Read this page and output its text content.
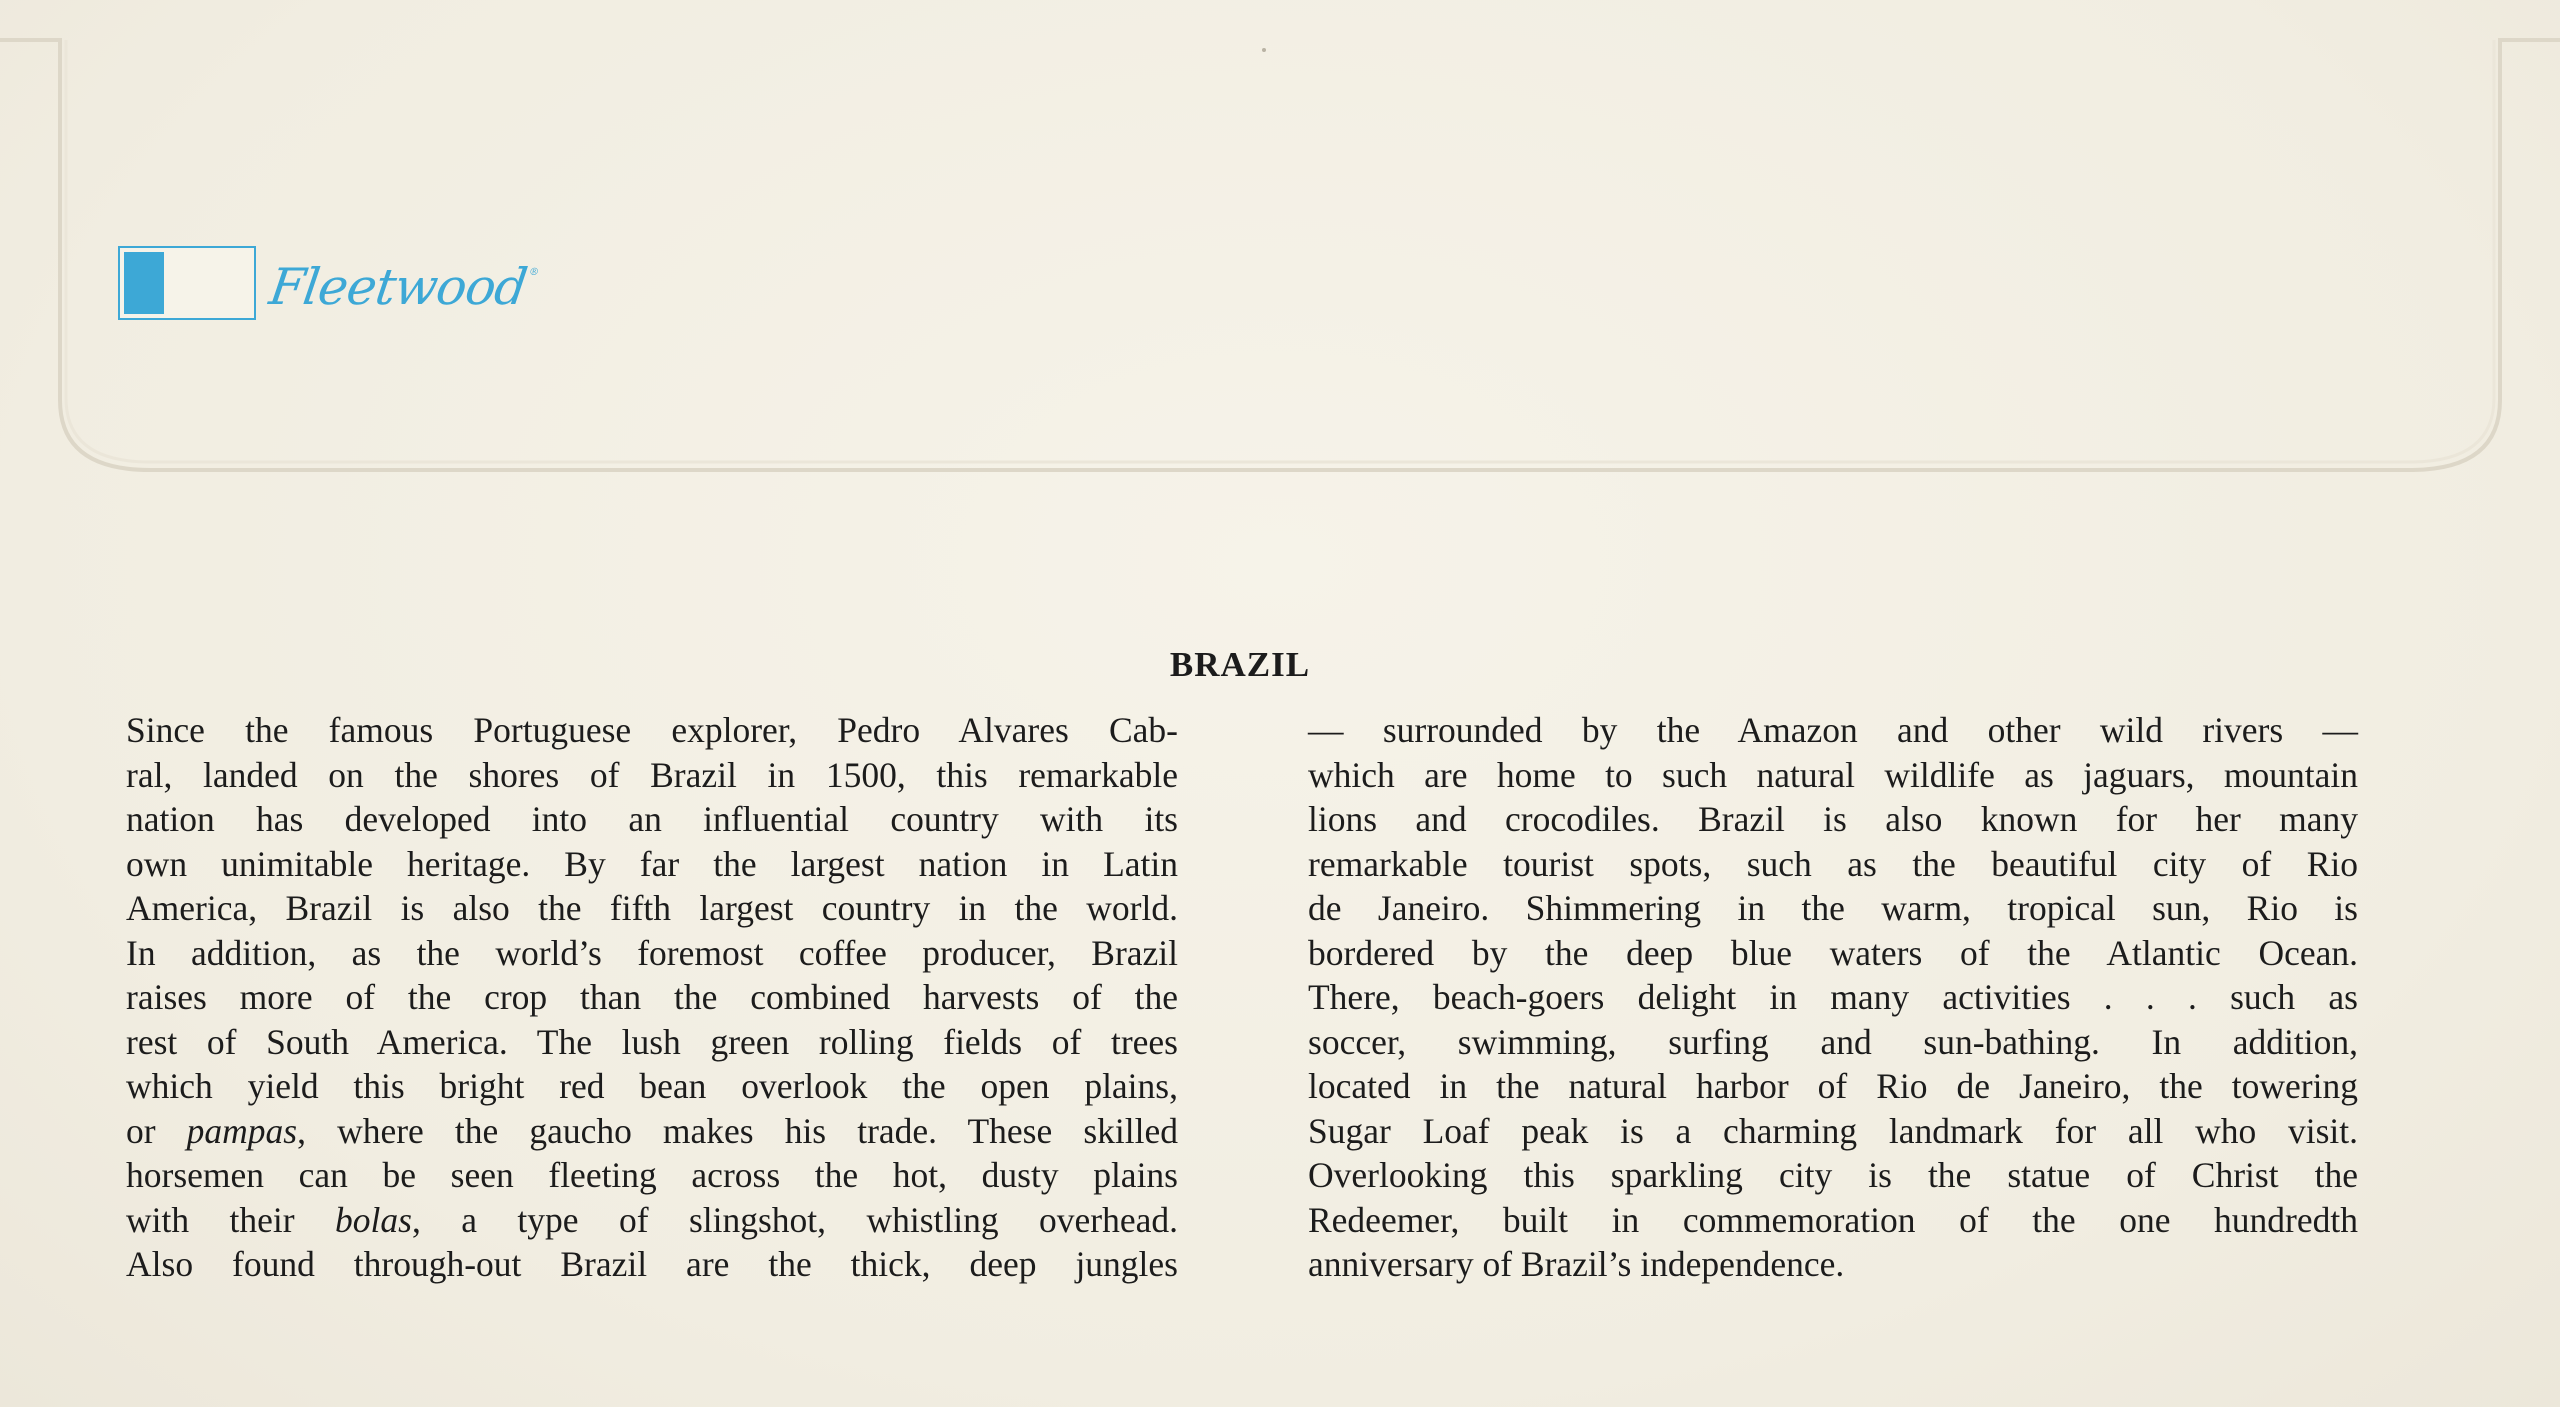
Fleetwood®
BRAZIL

Since the famous Portuguese explorer, Pedro Alvares Cab-
ral, landed on the shores of Brazil in 1500, this remarkable
nation has developed into an influential country with its
own unimitable heritage. By far the largest nation in Latin
America, Brazil is also the fifth largest country in the world.
In addition, as the world’s foremost coffee producer, Brazil
raises more of the crop than the combined harvests of the
rest of South America. The lush green rolling fields of trees
which yield this bright red bean overlook the open plains,
or pampas, where the gaucho makes his trade. These skilled
horsemen can be seen fleeting across the hot, dusty plains
with their bolas, a type of slingshot, whistling overhead.
Also found through-out Brazil are the thick, deep jungles

— surrounded by the Amazon and other wild rivers —
which are home to such natural wildlife as jaguars, mountain
lions and crocodiles. Brazil is also known for her many
remarkable tourist spots, such as the beautiful city of Rio
de Janeiro. Shimmering in the warm, tropical sun, Rio is
bordered by the deep blue waters of the Atlantic Ocean.
There, beach-goers delight in many activities . . . such as
soccer, swimming, surfing and sun-bathing. In addition,
located in the natural harbor of Rio de Janeiro, the towering
Sugar Loaf peak is a charming landmark for all who visit.
Overlooking this sparkling city is the statue of Christ the
Redeemer, built in commemoration of the one hundredth
anniversary of Brazil’s independence.
